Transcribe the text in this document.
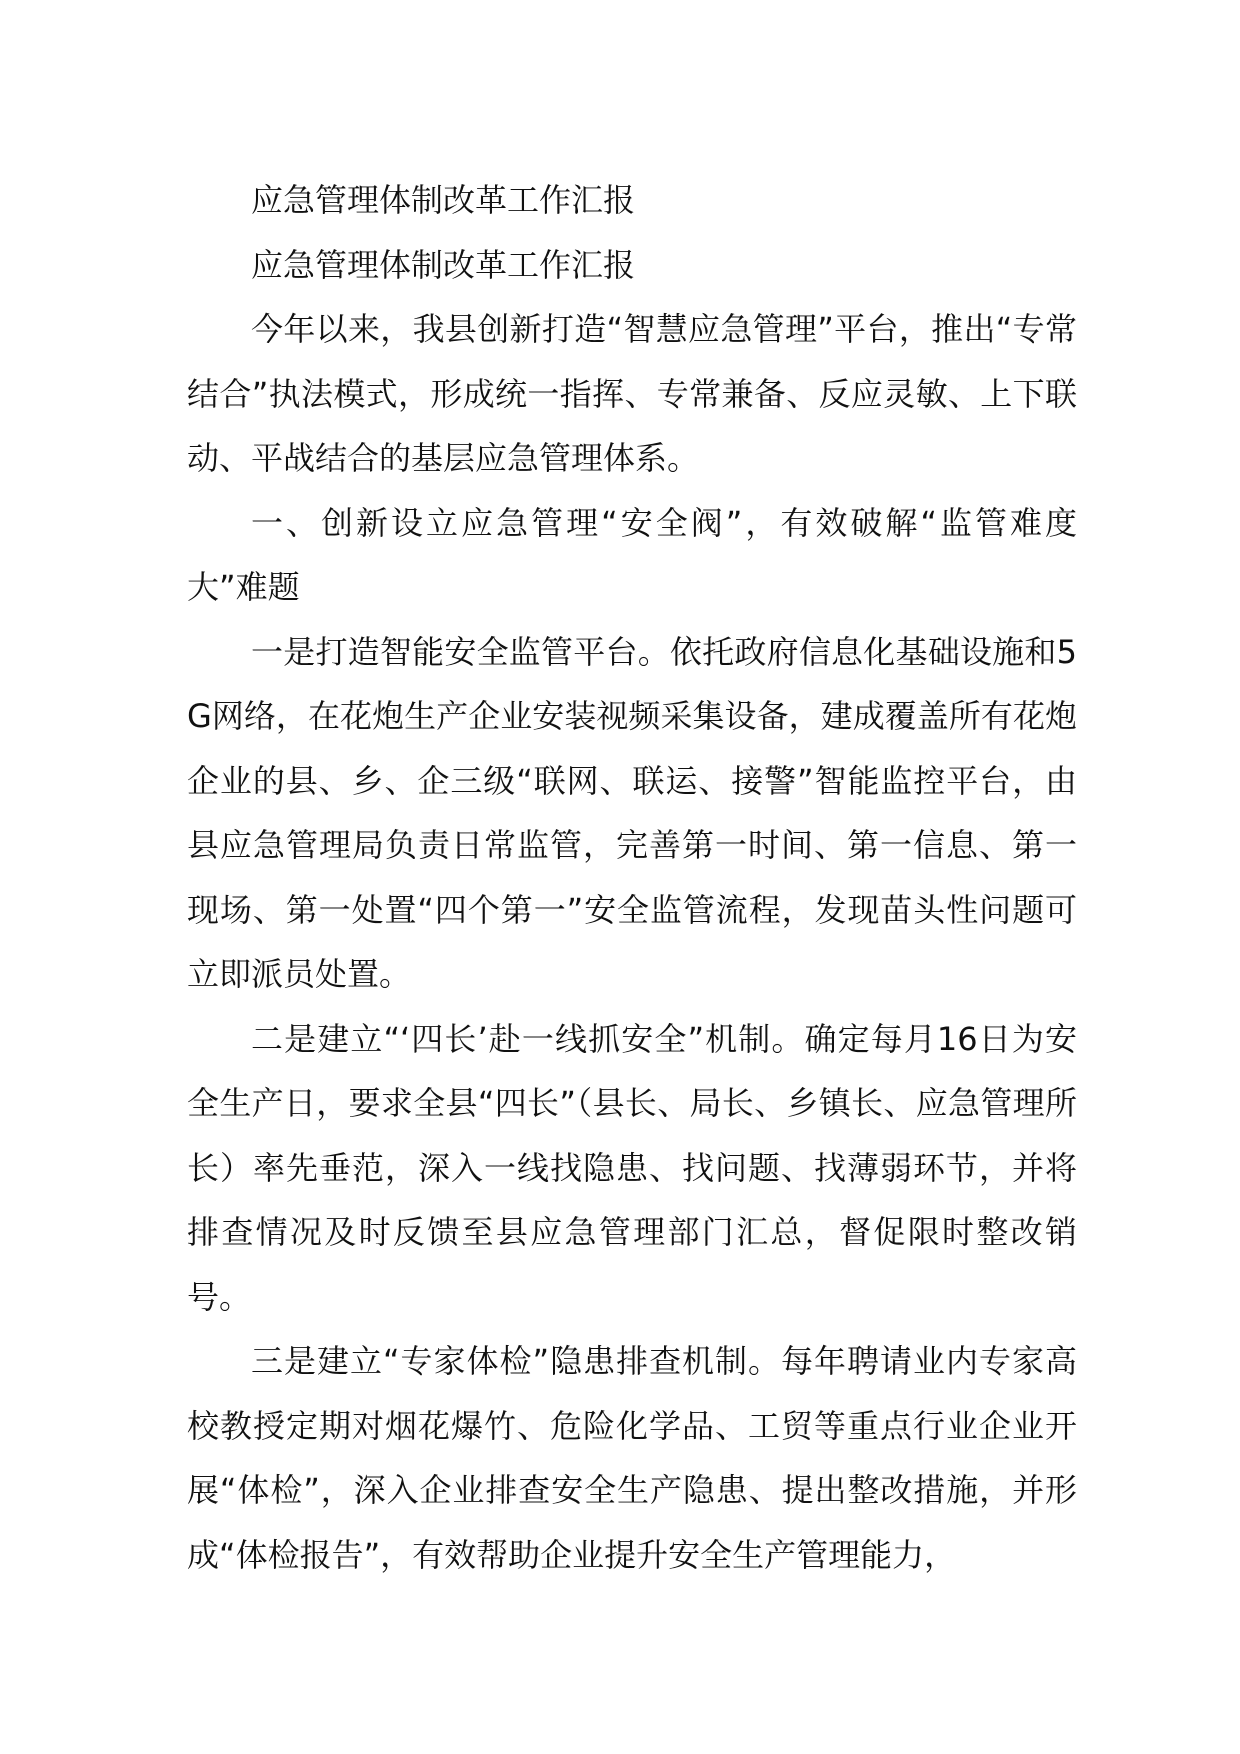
应急管理体制改革工作汇报

应急管理体制改革工作汇报

今年以来，我县创新打造“智慧应急管理”平台，推出“专常结合”执法模式，形成统一指挥、专常兼备、反应灵敏、上下联动、平战结合的基层应急管理体系。

一、创新设立应急管理“安全阀”，有效破解“监管难度大”难题

一是打造智能安全监管平台。依托政府信息化基础设施和5G网络，在花炮生产企业安装视频采集设备，建成覆盖所有花炮企业的县、乡、企三级“联网、联运、接警”智能监控平台，由县应急管理局负责日常监管，完善第一时间、第一信息、第一现场、第一处置“四个第一”安全监管流程，发现苗头性问题可立即派员处置。

二是建立“‘四长’赴一线抓安全”机制。确定每月16日为安全生产日，要求全县“四长”（县长、局长、乡镇长、应急管理所长）率先垂范，深入一线找隐患、找问题、找薄弱环节，并将排查情况及时反馈至县应急管理部门汇总，督促限时整改销号。

三是建立“专家体检”隐患排查机制。每年聘请业内专家高校教授定期对烟花爆竹、危险化学品、工贸等重点行业企业开展“体检”，深入企业排查安全生产隐患、提出整改措施，并形成“体检报告”，有效帮助企业提升安全生产管理能力，
